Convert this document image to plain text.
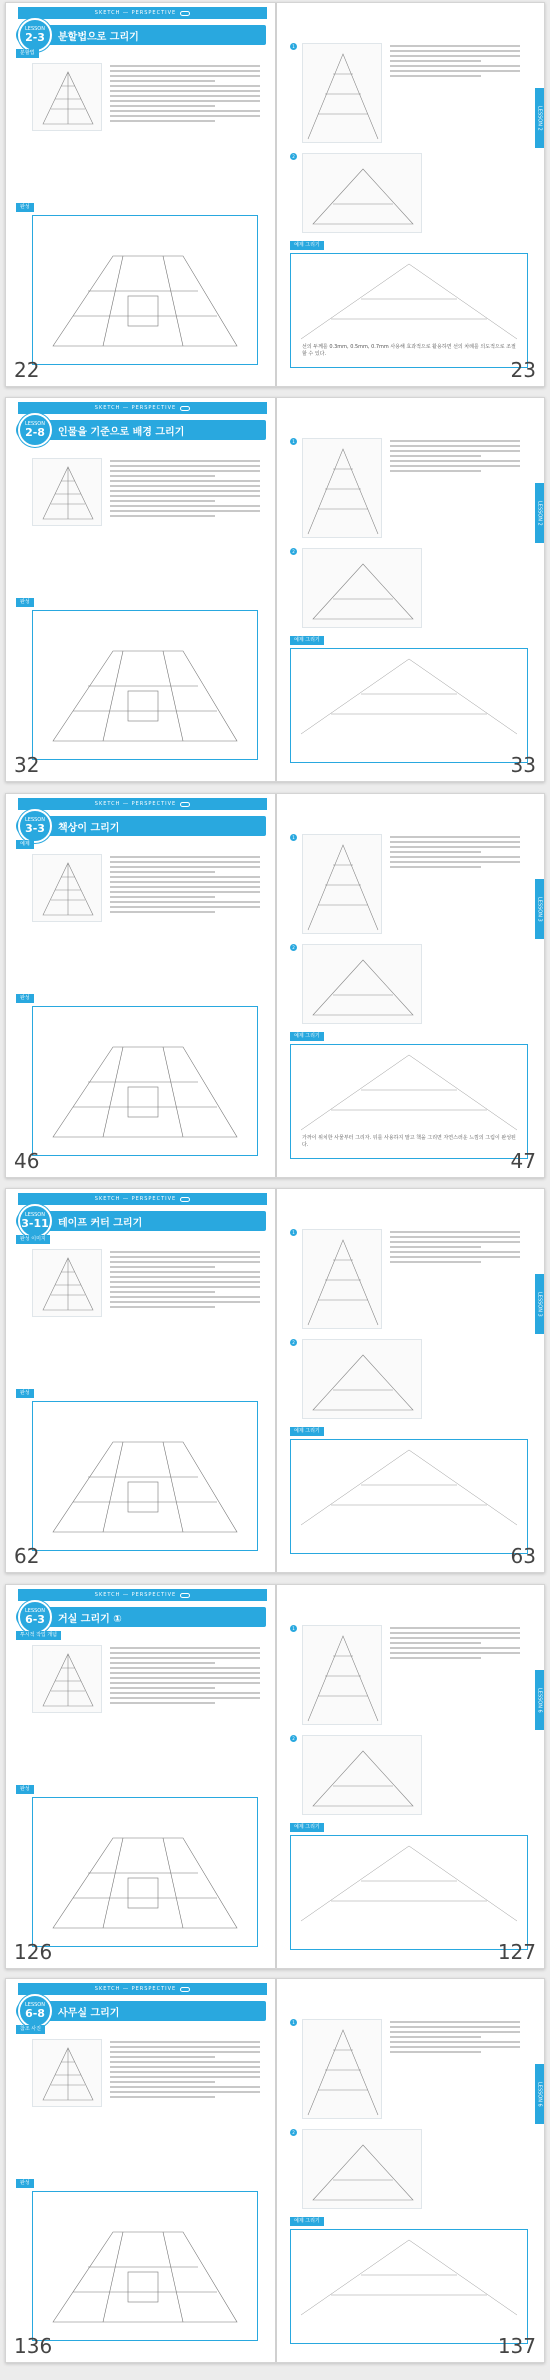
SKETCH ― PERSPECTIVE
LESSON
2-3 분할법으로 그리기
분할법
완성
1
2
예제 그리기
선의 두께를 0.3mm, 0.5mm, 0.7mm 사용해 효과적으로 활용하면 선의 차례를 의도적으로 조절할 수 있다.
LESSON 2
22	23
SKETCH ― PERSPECTIVE
LESSON
2-8 인물을 기준으로 배경 그리기
완성
1
2
예제 그리기
LESSON 2
32	33
SKETCH ― PERSPECTIVE
LESSON
3-3 책상이 그리기
예제
완성
1
2
예제 그리기
가까이 위치한 사물부터 그리자. 뒤를 사용하지 말고 책을 그리면 자연스러운 느낌의 그림이 완성된다.
LESSON 3
46	47
SKETCH ― PERSPECTIVE
LESSON
3-11 테이프 커터 그리기
완성 이미지
완성
1
2
예제 그리기
LESSON 3
62	63
SKETCH ― PERSPECTIVE
LESSON
6-3 거실 그리기 ①
투시적 작업 개념
완성
1
2
예제 그리기
LESSON 6
126	127
SKETCH ― PERSPECTIVE
LESSON
6-8 사무실 그리기
참조 사진
완성
1
2
예제 그리기
LESSON 6
136	137
